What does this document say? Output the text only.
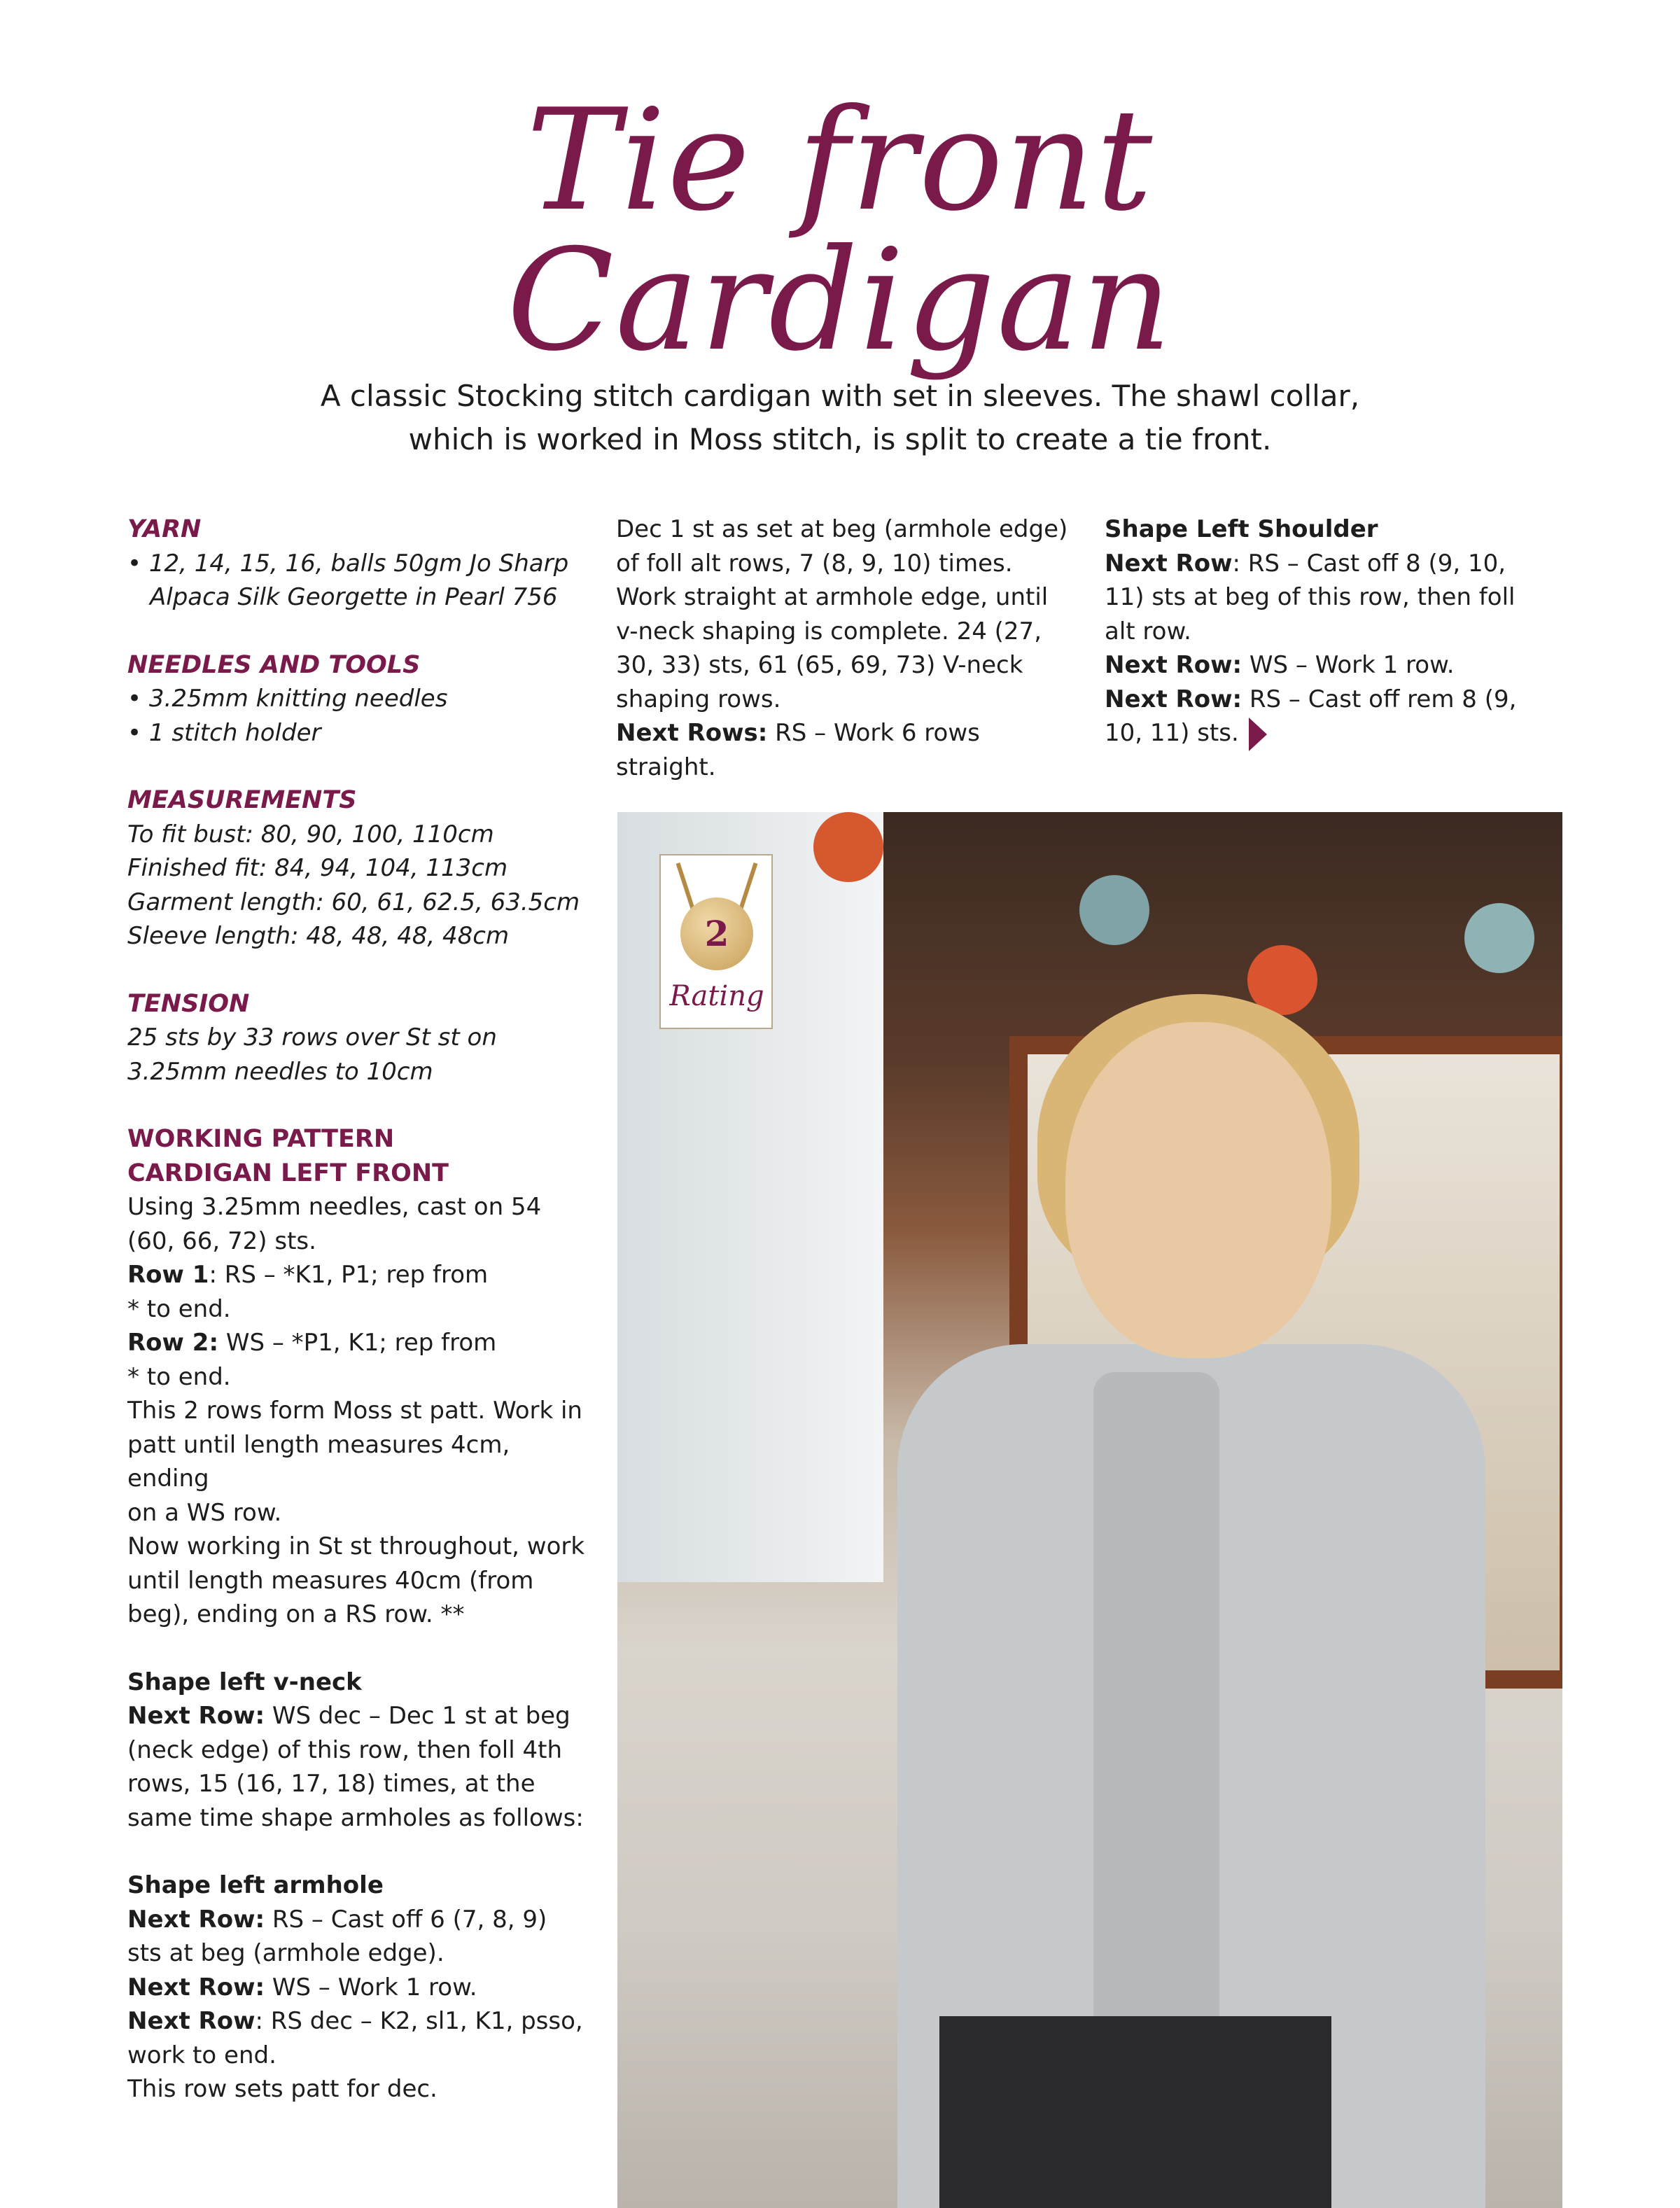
Tie front Cardigan
A classic Stocking stitch cardigan with set in sleeves. The shawl collar,
which is worked in Moss stitch, is split to create a tie front.
YARN
• 12, 14, 15, 16, balls 50gm Jo Sharp Alpaca Silk Georgette in Pearl 756
NEEDLES AND TOOLS
• 3.25mm knitting needles
• 1 stitch holder
MEASUREMENTS
To fit bust: 80, 90, 100, 110cm
Finished fit: 84, 94, 104, 113cm
Garment length: 60, 61, 62.5, 63.5cm
Sleeve length: 48, 48, 48, 48cm
TENSION
25 sts by 33 rows over St st on
3.25mm needles to 10cm
WORKING PATTERN
CARDIGAN LEFT FRONT
Using 3.25mm needles, cast on 54
(60, 66, 72) sts.
Row 1: RS – *K1, P1; rep from
* to end.
Row 2: WS – *P1, K1; rep from
* to end.
This 2 rows form Moss st patt. Work in
patt until length measures 4cm, ending
on a WS row.
Now working in St st throughout, work
until length measures 40cm (from
beg), ending on a RS row. **
Shape left v-neck
Next Row: WS dec – Dec 1 st at beg
(neck edge) of this row, then foll 4th
rows, 15 (16, 17, 18) times, at the
same time shape armholes as follows:
Shape left armhole
Next Row: RS – Cast off 6 (7, 8, 9)
sts at beg (armhole edge).
Next Row: WS – Work 1 row.
Next Row: RS dec – K2, sl1, K1, psso,
work to end.
This row sets patt for dec.
Dec 1 st as set at beg (armhole edge)
of foll alt rows, 7 (8, 9, 10) times.
Work straight at armhole edge, until
v-neck shaping is complete. 24 (27,
30, 33) sts, 61 (65, 69, 73) V-neck
shaping rows.
Next Rows: RS – Work 6 rows straight.
Shape Left Shoulder
Next Row: RS – Cast off 8 (9, 10,
11) sts at beg of this row, then foll
alt row.
Next Row: WS – Work 1 row.
Next Row: RS – Cast off rem 8 (9,
10, 11) sts.
2
Rating
